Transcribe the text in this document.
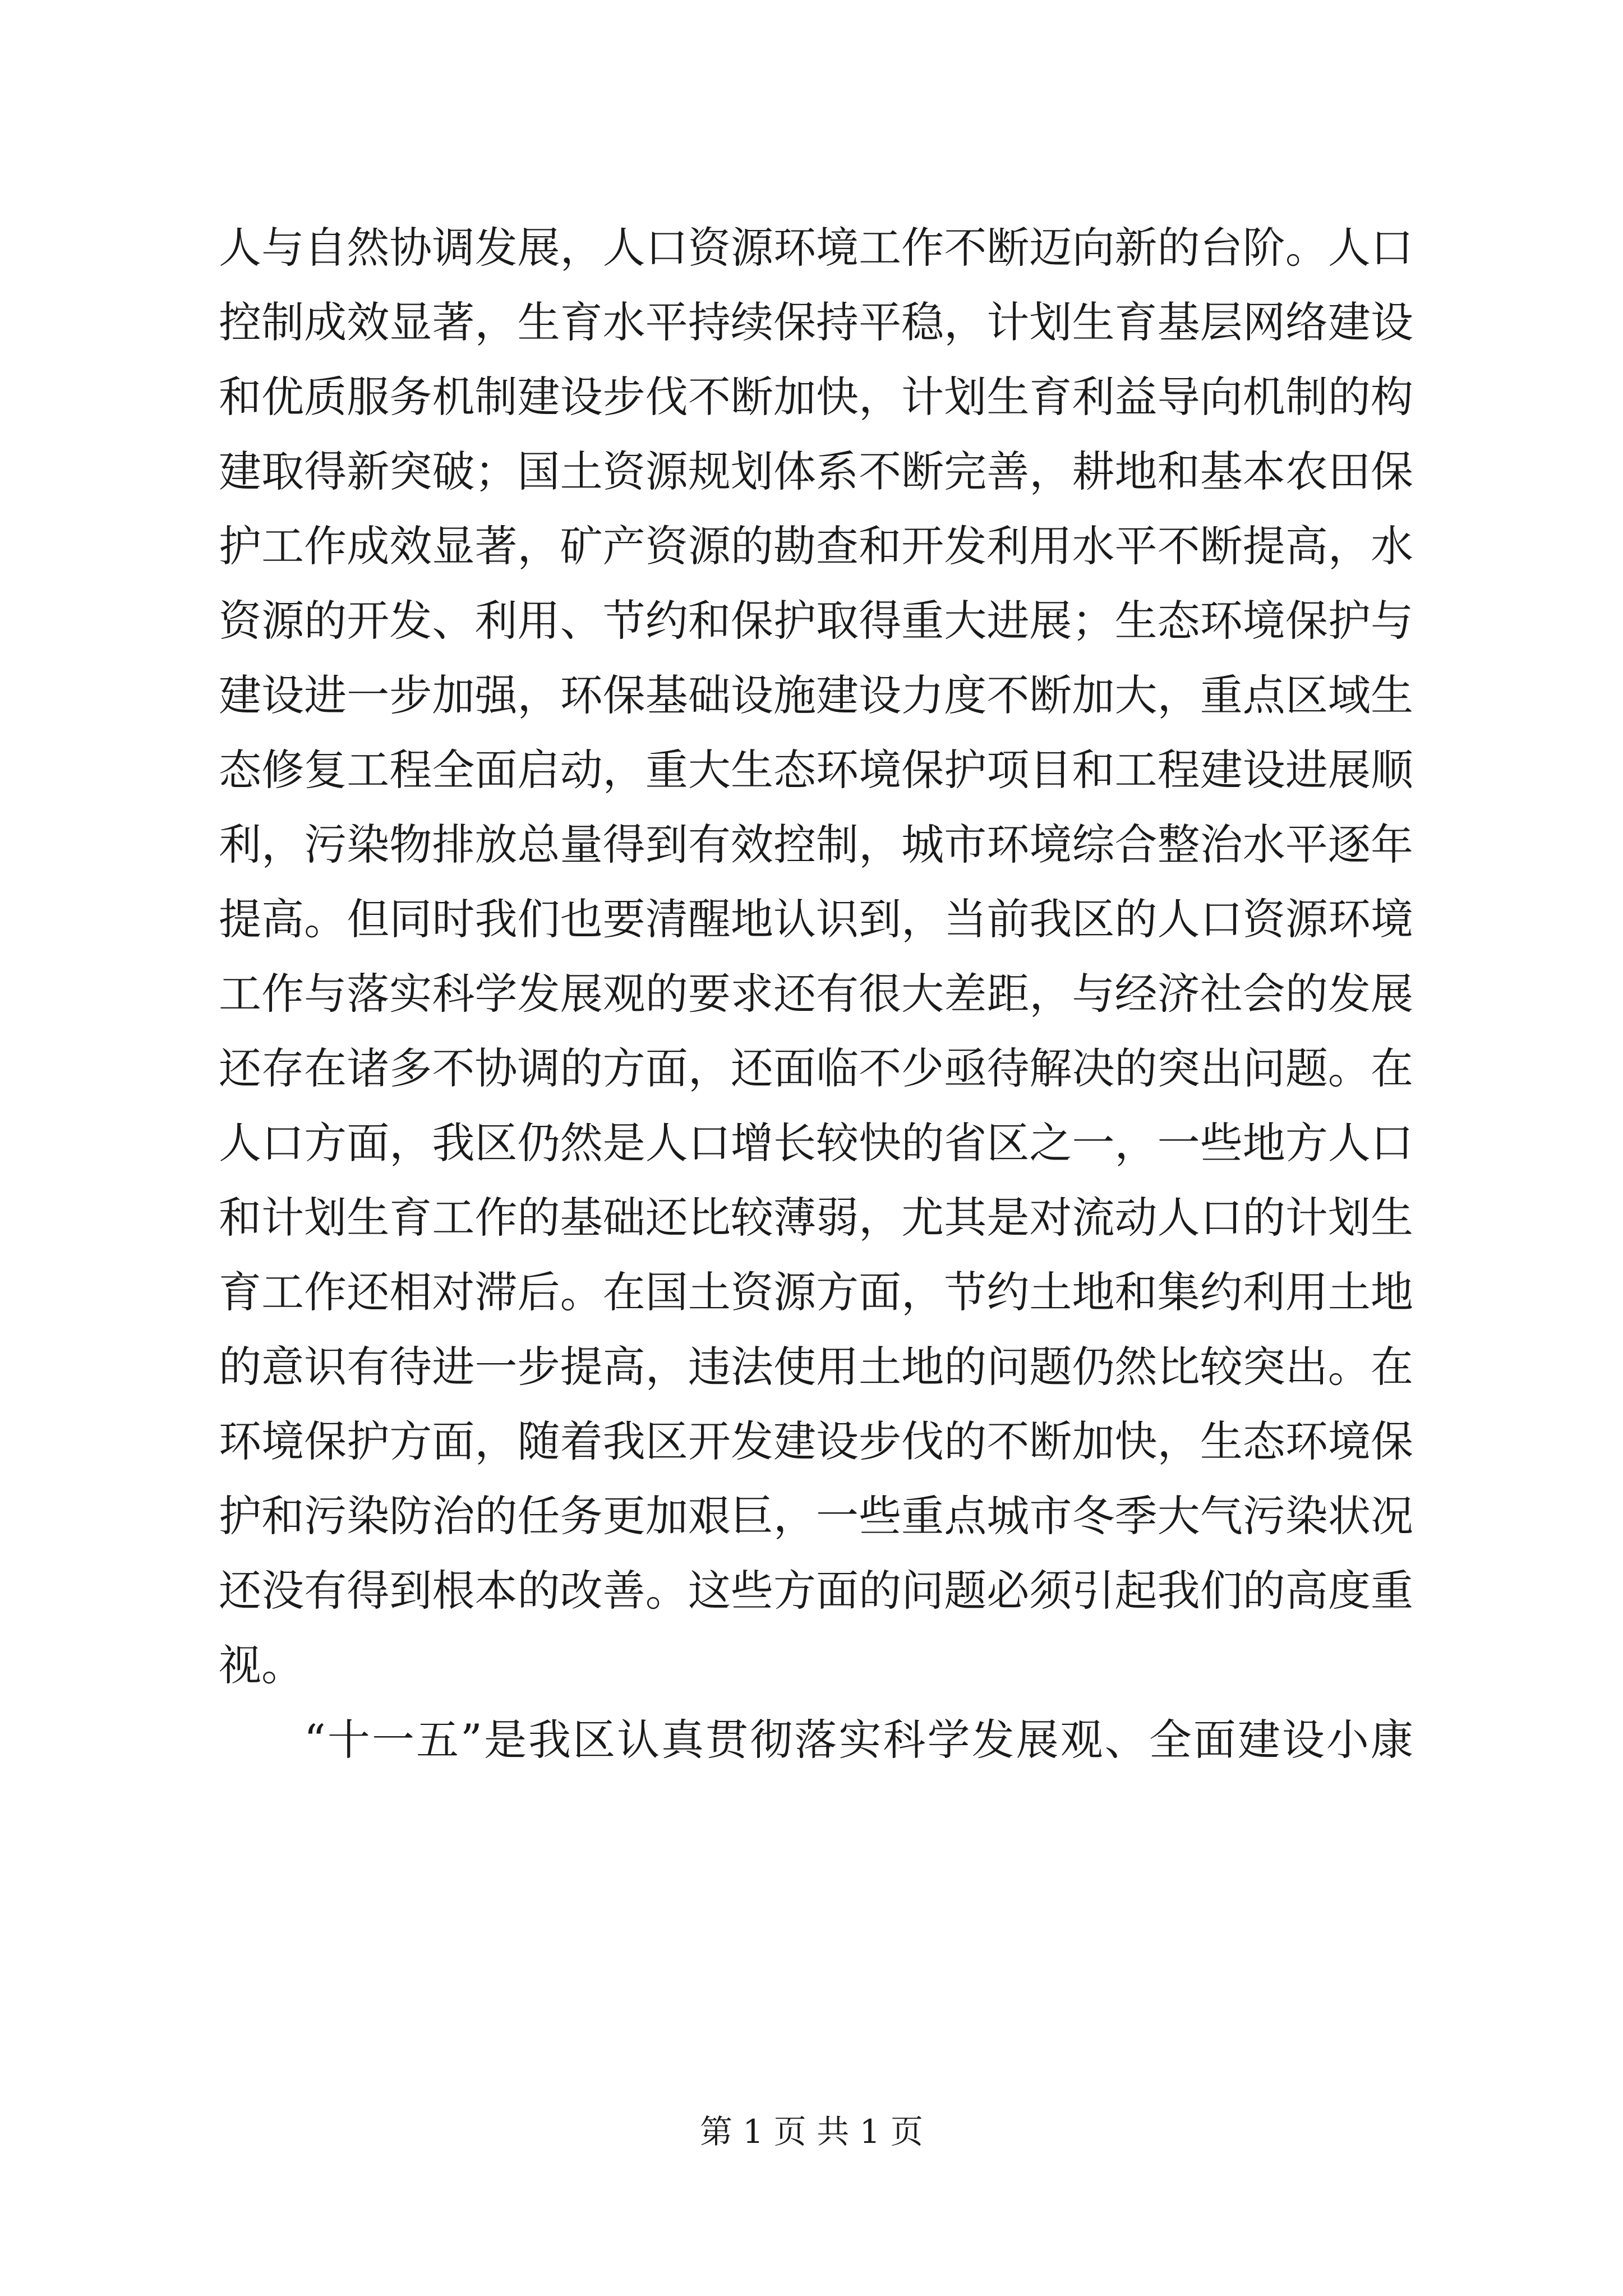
人与自然协调发展，人口资源环境工作不断迈向新的台阶。人口
控制成效显著，生育水平持续保持平稳，计划生育基层网络建设
和优质服务机制建设步伐不断加快，计划生育利益导向机制的构
建取得新突破；国土资源规划体系不断完善，耕地和基本农田保
护工作成效显著，矿产资源的勘查和开发利用水平不断提高，水
资源的开发、利用、节约和保护取得重大进展；生态环境保护与
建设进一步加强，环保基础设施建设力度不断加大，重点区域生
态修复工程全面启动，重大生态环境保护项目和工程建设进展顺
利，污染物排放总量得到有效控制，城市环境综合整治水平逐年
提高。但同时我们也要清醒地认识到，当前我区的人口资源环境
工作与落实科学发展观的要求还有很大差距，与经济社会的发展
还存在诸多不协调的方面，还面临不少亟待解决的突出问题。在
人口方面，我区仍然是人口增长较快的省区之一，一些地方人口
和计划生育工作的基础还比较薄弱，尤其是对流动人口的计划生
育工作还相对滞后。在国土资源方面，节约土地和集约利用土地
的意识有待进一步提高，违法使用土地的问题仍然比较突出。在
环境保护方面，随着我区开发建设步伐的不断加快，生态环境保
护和污染防治的任务更加艰巨，一些重点城市冬季大气污染状况
还没有得到根本的改善。这些方面的问题必须引起我们的高度重
视。
“十一五”是我区认真贯彻落实科学发展观、全面建设小康
第 1 页 共 1 页
